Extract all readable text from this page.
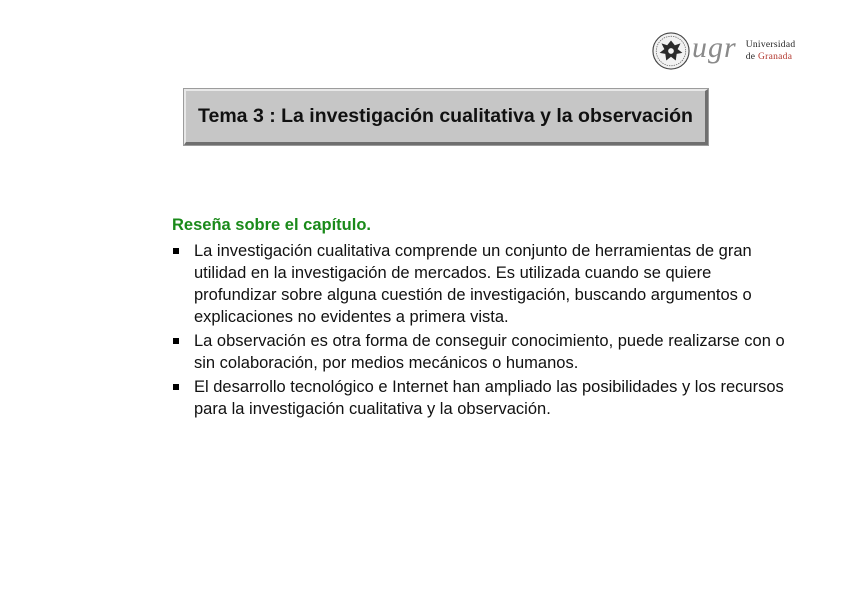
ugr Universidad
de Granada
Tema 3 : La investigación cualitativa y la observación
Reseña sobre el capítulo.
La investigación cualitativa comprende un conjunto de herramientas de gran utilidad en la investigación de mercados. Es utilizada cuando se quiere profundizar sobre alguna cuestión de investigación, buscando argumentos o explicaciones no evidentes a primera vista.
La observación es otra forma de conseguir conocimiento, puede realizarse con o sin colaboración, por medios mecánicos o humanos.
El desarrollo tecnológico e Internet han ampliado las posibilidades y los recursos para la investigación cualitativa y la observación.
